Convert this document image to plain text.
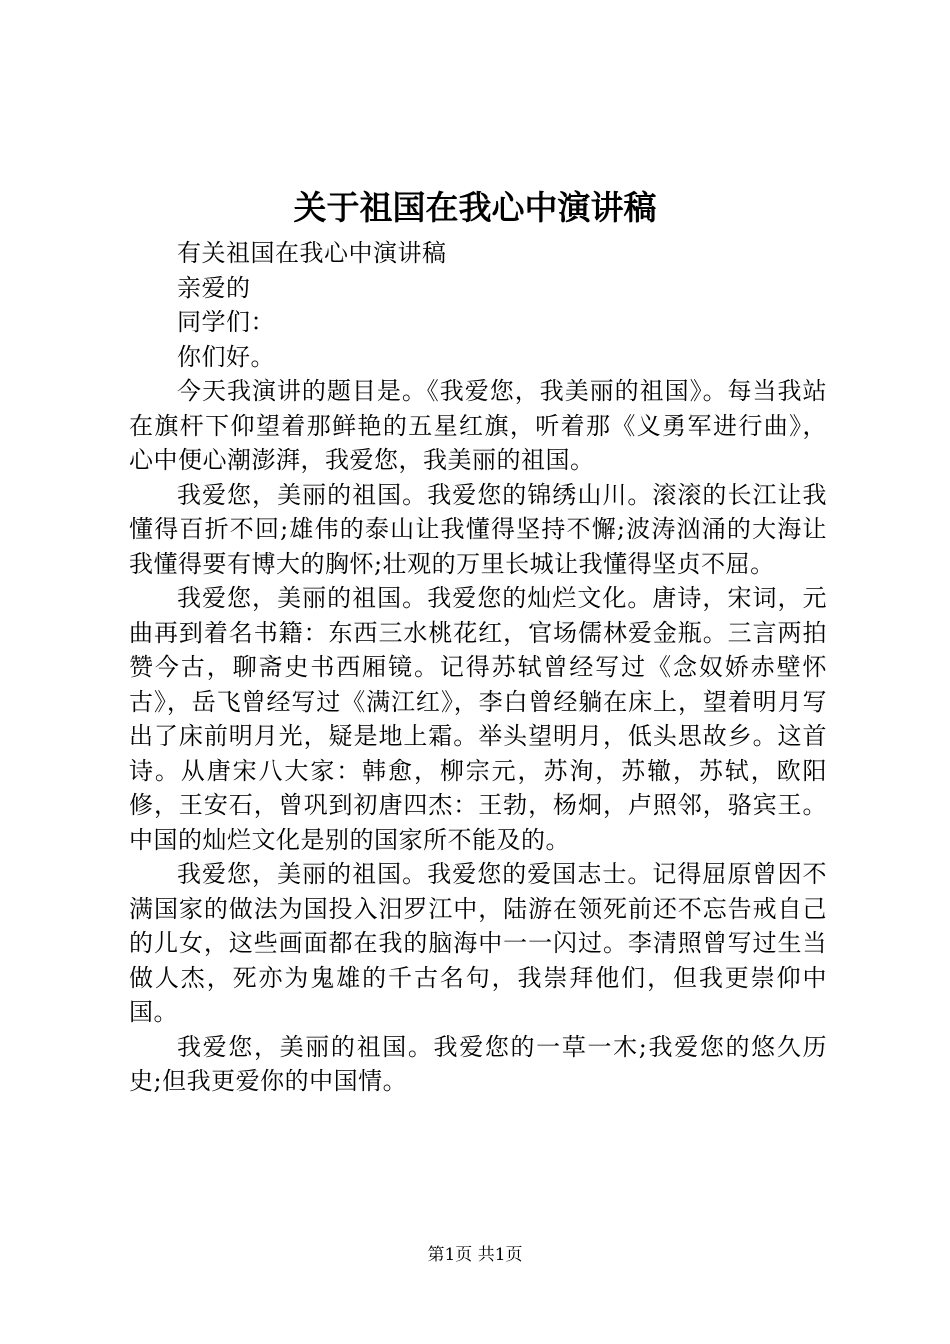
关于祖国在我心中演讲稿

有关祖国在我心中演讲稿

亲爱的

同学们：

你们好。

今天我演讲的题目是。《我爱您，我美丽的祖国》。每当我站在旗杆下仰望着那鲜艳的五星红旗，听着那《义勇军进行曲》，心中便心潮澎湃，我爱您，我美丽的祖国。

我爱您，美丽的祖国。我爱您的锦绣山川。滚滚的长江让我懂得百折不回;雄伟的泰山让我懂得坚持不懈;波涛汹涌的大海让我懂得要有博大的胸怀;壮观的万里长城让我懂得坚贞不屈。

我爱您，美丽的祖国。我爱您的灿烂文化。唐诗，宋词，元曲再到着名书籍：东西三水桃花红，官场儒林爱金瓶。三言两拍赞今古，聊斋史书西厢镜。记得苏轼曾经写过《念奴娇赤壁怀古》，岳飞曾经写过《满江红》，李白曾经躺在床上，望着明月写出了床前明月光，疑是地上霜。举头望明月，低头思故乡。这首诗。从唐宋八大家：韩愈，柳宗元，苏洵，苏辙，苏轼，欧阳修，王安石，曾巩到初唐四杰：王勃，杨炯，卢照邻，骆宾王。中国的灿烂文化是别的国家所不能及的。

我爱您，美丽的祖国。我爱您的爱国志士。记得屈原曾因不满国家的做法为国投入汨罗江中，陆游在领死前还不忘告戒自己的儿女，这些画面都在我的脑海中一一闪过。李清照曾写过生当做人杰，死亦为鬼雄的千古名句，我崇拜他们，但我更崇仰中国。

我爱您，美丽的祖国。我爱您的一草一木;我爱您的悠久历史;但我更爱你的中国情。

第1页 共1页
